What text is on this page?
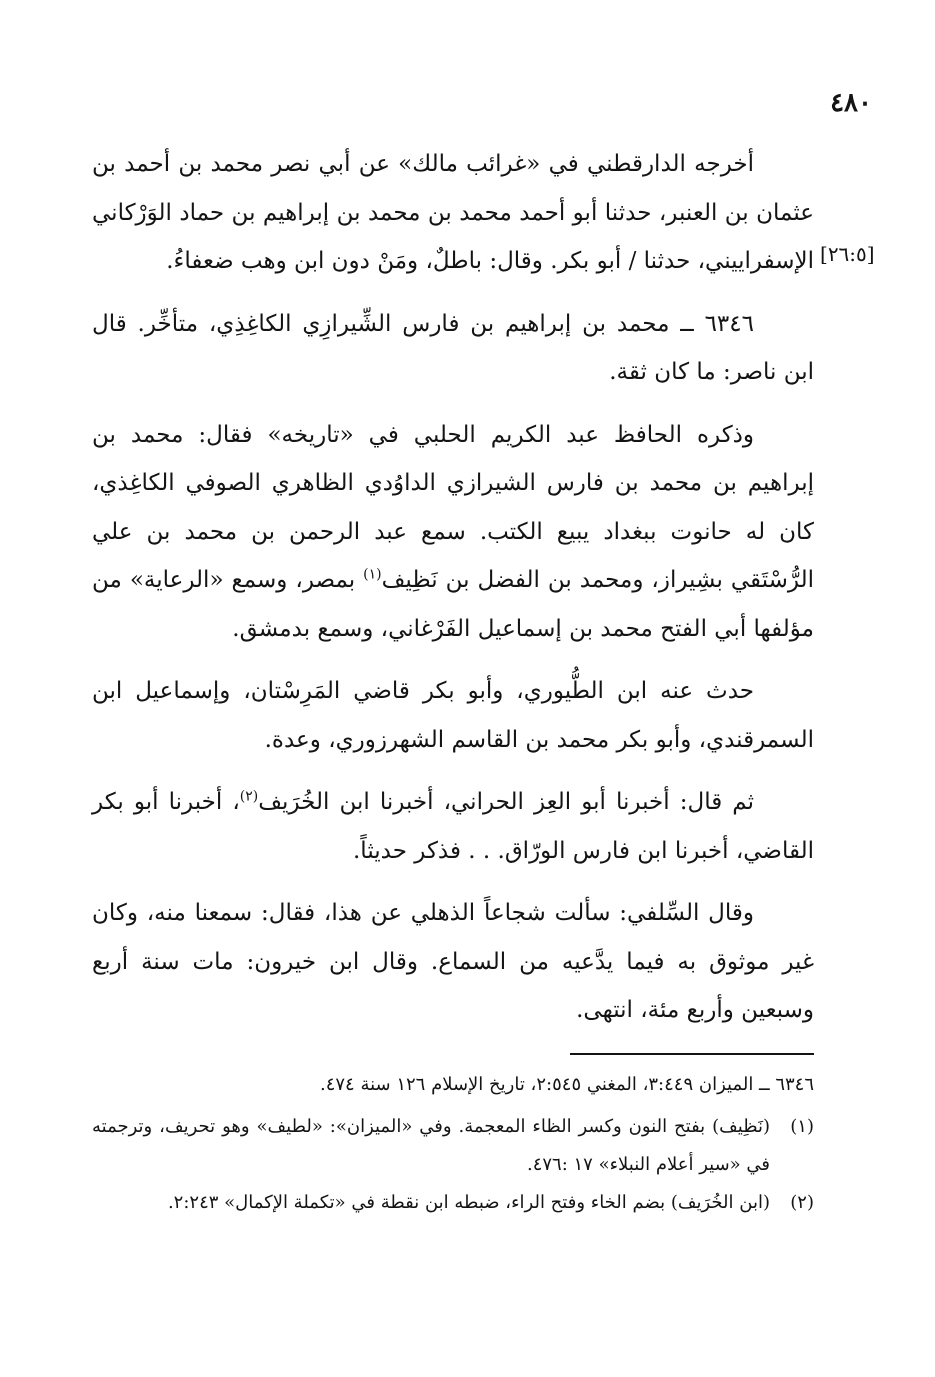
٤٨٠
[٢٦:٥]

أخرجه الدارقطني في «غرائب مالك» عن أبي نصر محمد بن أحمد بن عثمان بن العنبر، حدثنا أبو أحمد محمد بن محمد بن إبراهيم بن حماد الوَرْكاني الإسفراييني، حدثنا / أبو بكر. وقال: باطلٌ، ومَنْ دون ابن وهب ضعفاءُ.

٦٣٤٦ ــ محمد بن إبراهيم بن فارس الشِّيرازِي الكاغِذِي، متأخِّر. قال ابن ناصر: ما كان ثقة.

وذكره الحافظ عبد الكريم الحلبي في «تاريخه» فقال: محمد بن إبراهيم بن محمد بن فارس الشيرازي الداوُدي الظاهري الصوفي الكاغِذي، كان له حانوت ببغداد يبيع الكتب. سمع عبد الرحمن بن محمد بن علي الرُّسْتَقي بشِيراز، ومحمد بن الفضل بن نَظِيف$^{(١)}$ بمصر، وسمع «الرعاية» من مؤلفها أبي الفتح محمد بن إسماعيل الفَرْغاني، وسمع بدمشق.

حدث عنه ابن الطُّيوري، وأبو بكر قاضي المَرِسْتان، وإسماعيل ابن السمرقندي، وأبو بكر محمد بن القاسم الشهرزوري، وعدة.

ثم قال: أخبرنا أبو العِز الحراني، أخبرنا ابن الخُرَيف$^{(٢)}$، أخبرنا أبو بكر القاضي، أخبرنا ابن فارس الورّاق. . . فذكر حديثاً.

وقال السِّلفي: سألت شجاعاً الذهلي عن هذا، فقال: سمعنا منه، وكان غير موثوق به فيما يدَّعيه من السماع. وقال ابن خيرون: مات سنة أربع وسبعين وأربع مئة، انتهى.

٦٣٤٦ ــ الميزان ٣:٤٤٩، المغني ٢:٥٤٥، تاريخ الإسلام ١٢٦ سنة ٤٧٤.

(١)
(نَظِيف) بفتح النون وكسر الظاء المعجمة. وفي «الميزان»: «لطيف» وهو تحريف، وترجمته في «سير أعلام النبلاء» ١٧ :٤٧٦.
(٢)
(ابن الخُرَيف) بضم الخاء وفتح الراء، ضبطه ابن نقطة في «تكملة الإكمال» ٢:٢٤٣.
